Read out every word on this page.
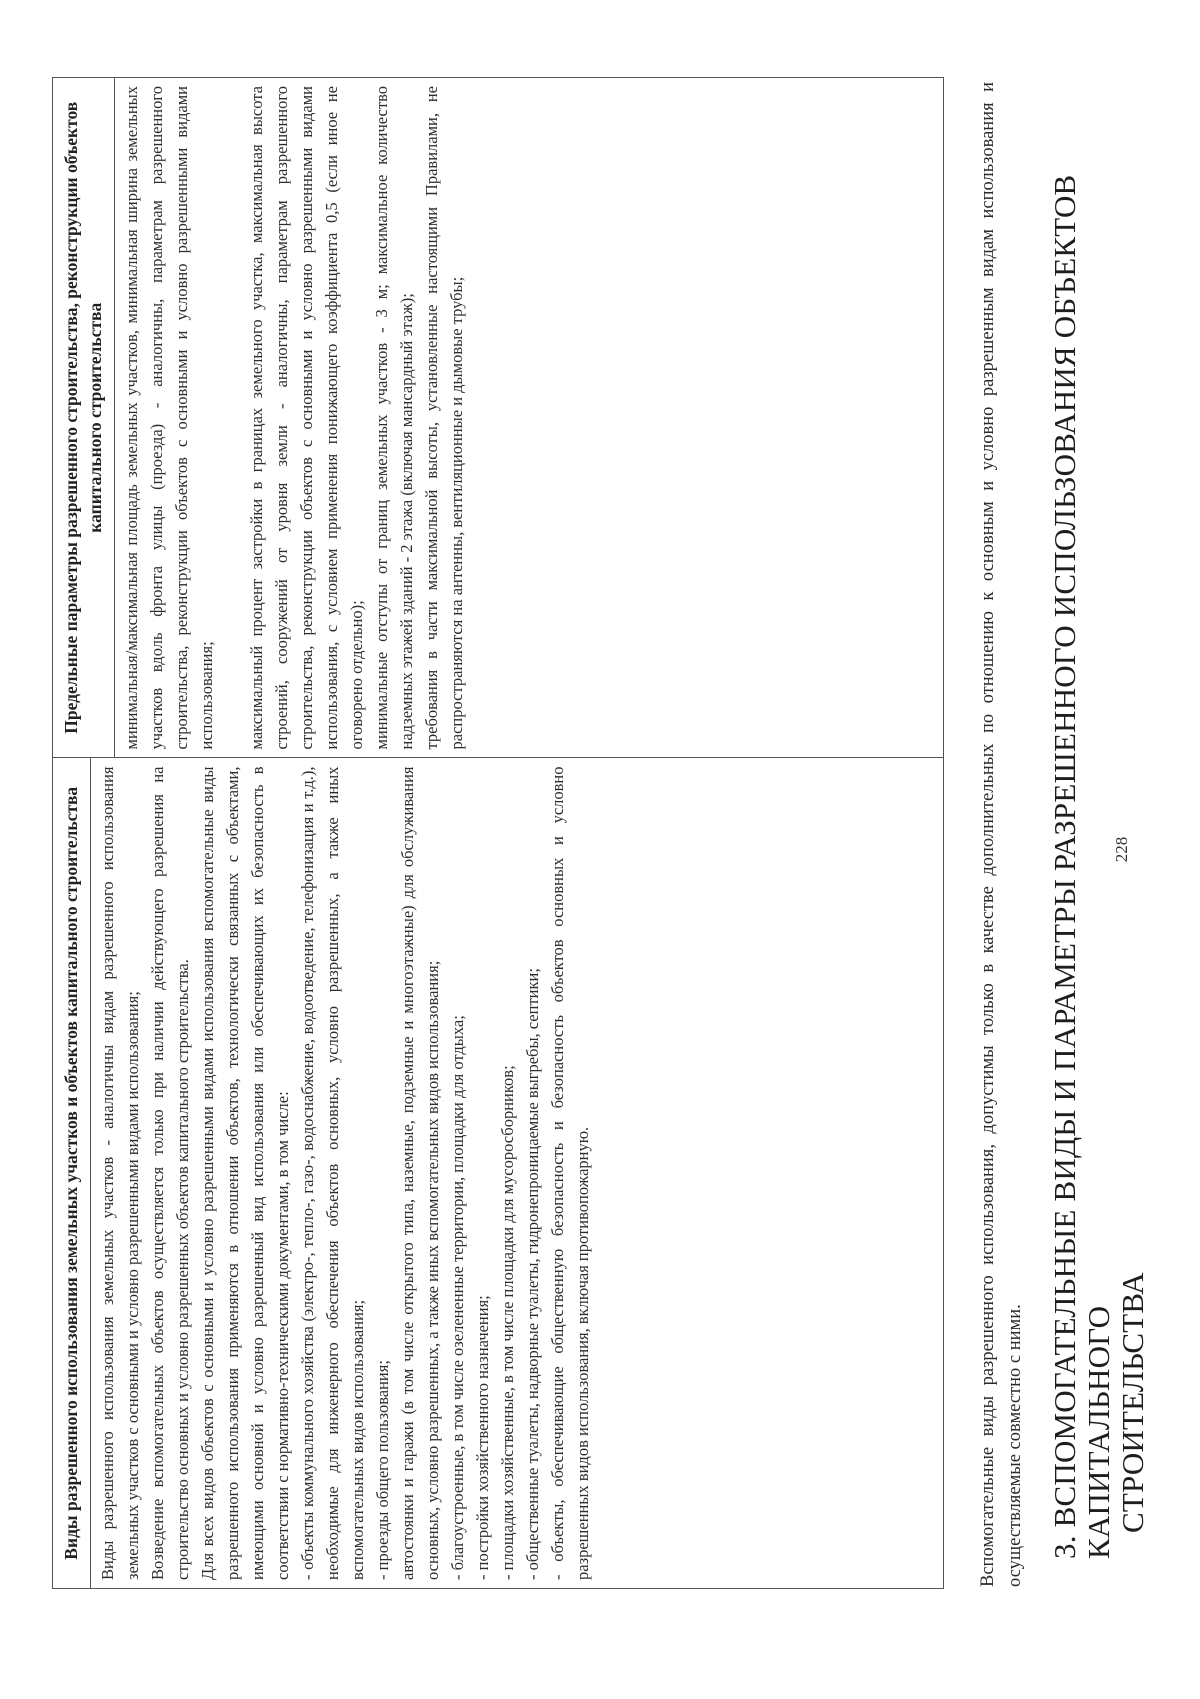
228
3. ВСПОМОГАТЕЛЬНЫЕ ВИДЫ И ПАРАМЕТРЫ РАЗРЕШЕННОГО ИСПОЛЬЗОВАНИЯ ОБЪЕКТОВ КАПИТАЛЬНОГО СТРОИТЕЛЬСТВА

Вспомогательные виды разрешенного использования, допустимы только в качестве дополнительных по отношению к основным и условно разрешенным видам использования и осуществляемые совместно с ними.

Виды разрешенного использования земельных участков и объектов капитального строительства	Виды разрешенного использования земельных участков - аналогичны видам разрешенного использования земельных участков с основными и условно разрешенными видами использования; Возведение вспомогательных объектов осуществляется только при наличии действующего разрешения на строительство основных и условно разрешенных объектов капитального строительства. Для всех видов объектов с основными и условно разрешенными видами использования вспомогательные виды разрешенного использования применяются в отношении объектов, технологически связанных с объектами, имеющими основной и условно разрешенный вид использования или обеспечивающих их безопасность в соответствии с нормативно-техническими документами, в том числе: - объекты коммунального хозяйства (электро-, тепло-, газо-, водоснабжение, водоотведение, телефонизация и т.д.), необходимые для инженерного обеспечения объектов основных, условно разрешенных, а также иных вспомогательных видов использования; - проезды общего пользования; автостоянки и гаражи (в том числе открытого типа, наземные, подземные и многоэтажные) для обслуживания основных, условно разрешенных, а также иных вспомогательных видов использования; - благоустроенные, в том числе озелененные территории, площадки для отдыха; - постройки хозяйственного назначения; - площадки хозяйственные, в том числе площадки для мусоросборников; - общественные туалеты, надворные туалеты, гидронепроницаемые выгребы, септики; - объекты, обеспечивающие общественную безопасность и безопасность объектов основных и условно разрешенных видов использования, включая противопожарную.

Предельные параметры разрешенного строительства, реконструкции объектов капитального строительства	минимальная/максимальная площадь земельных участков, минимальная ширина земельных участков вдоль фронта улицы (проезда) - аналогичны, параметрам разрешенного строительства, реконструкции объектов с основными и условно разрешенными видами использования; максимальный процент застройки в границах земельного участка, максимальная высота строений, сооружений от уровня земли - аналогичны, параметрам разрешенного строительства, реконструкции объектов с основными и условно разрешенными видами использования, с условием применения понижающего коэффициента 0,5 (если иное не оговорено отдельно); минимальные отступы от границ земельных участков - 3 м; максимальное количество надземных этажей зданий - 2 этажа (включая мансардный этаж); требования в части максимальной высоты, установленные настоящими Правилами, не распространяются на антенны, вентиляционные и дымовые трубы;
